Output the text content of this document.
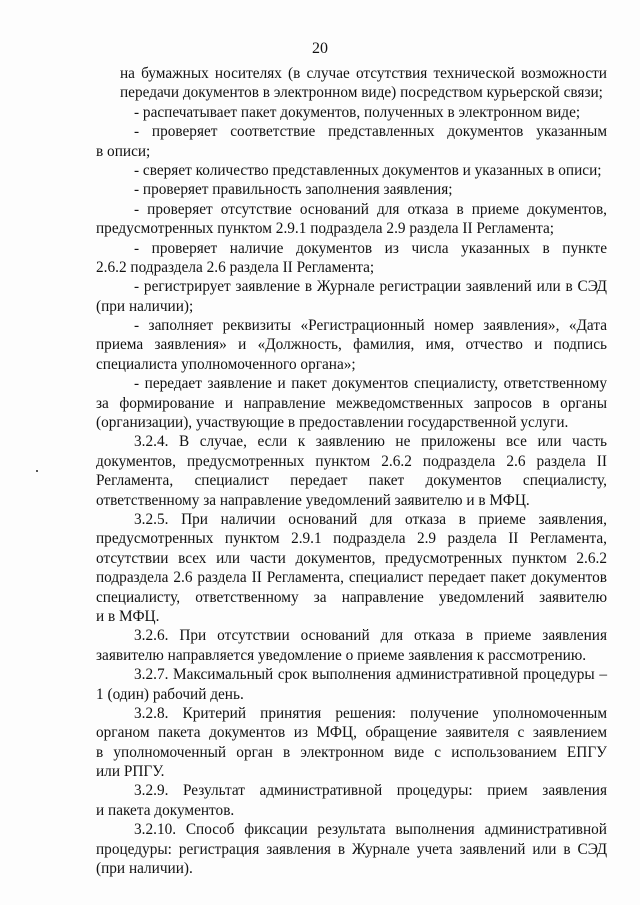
20
на бумажных носителях (в случае отсутствия технической возможности
передачи документов в электронном виде) посредством курьерской связи;
- распечатывает пакет документов, полученных в электронном виде;
- проверяет соответствие представленных документов указанным
в описи;
- сверяет количество представленных документов и указанных в описи;
- проверяет правильность заполнения заявления;
- проверяет отсутствие оснований для отказа в приеме документов,
предусмотренных пунктом 2.9.1 подраздела 2.9 раздела II Регламента;
- проверяет наличие документов из числа указанных в пункте
2.6.2 подраздела 2.6 раздела II Регламента;
- регистрирует заявление в Журнале регистрации заявлений или в СЭД
(при наличии);
- заполняет реквизиты «Регистрационный номер заявления», «Дата
приема заявления» и «Должность, фамилия, имя, отчество и подпись
специалиста уполномоченного органа»;
- передает заявление и пакет документов специалисту, ответственному
за формирование и направление межведомственных запросов в органы
(организации), участвующие в предоставлении государственной услуги.
3.2.4. В случае, если к заявлению не приложены все или часть
документов, предусмотренных пунктом 2.6.2 подраздела 2.6 раздела II
Регламента, специалист передает пакет документов специалисту,
ответственному за направление уведомлений заявителю и в МФЦ.
3.2.5. При наличии оснований для отказа в приеме заявления,
предусмотренных пунктом 2.9.1 подраздела 2.9 раздела II Регламента,
отсутствии всех или части документов, предусмотренных пунктом 2.6.2
подраздела 2.6 раздела II Регламента, специалист передает пакет документов
специалисту, ответственному за направление уведомлений заявителю
и в МФЦ.
3.2.6. При отсутствии оснований для отказа в приеме заявления
заявителю направляется уведомление о приеме заявления к рассмотрению.
3.2.7. Максимальный срок выполнения административной процедуры –
1 (один) рабочий день.
3.2.8. Критерий принятия решения: получение уполномоченным
органом пакета документов из МФЦ, обращение заявителя с заявлением
в уполномоченный орган в электронном виде с использованием ЕПГУ
или РПГУ.
3.2.9. Результат административной процедуры: прием заявления
и пакета документов.
3.2.10. Способ фиксации результата выполнения административной
процедуры: регистрация заявления в Журнале учета заявлений или в СЭД
(при наличии).
